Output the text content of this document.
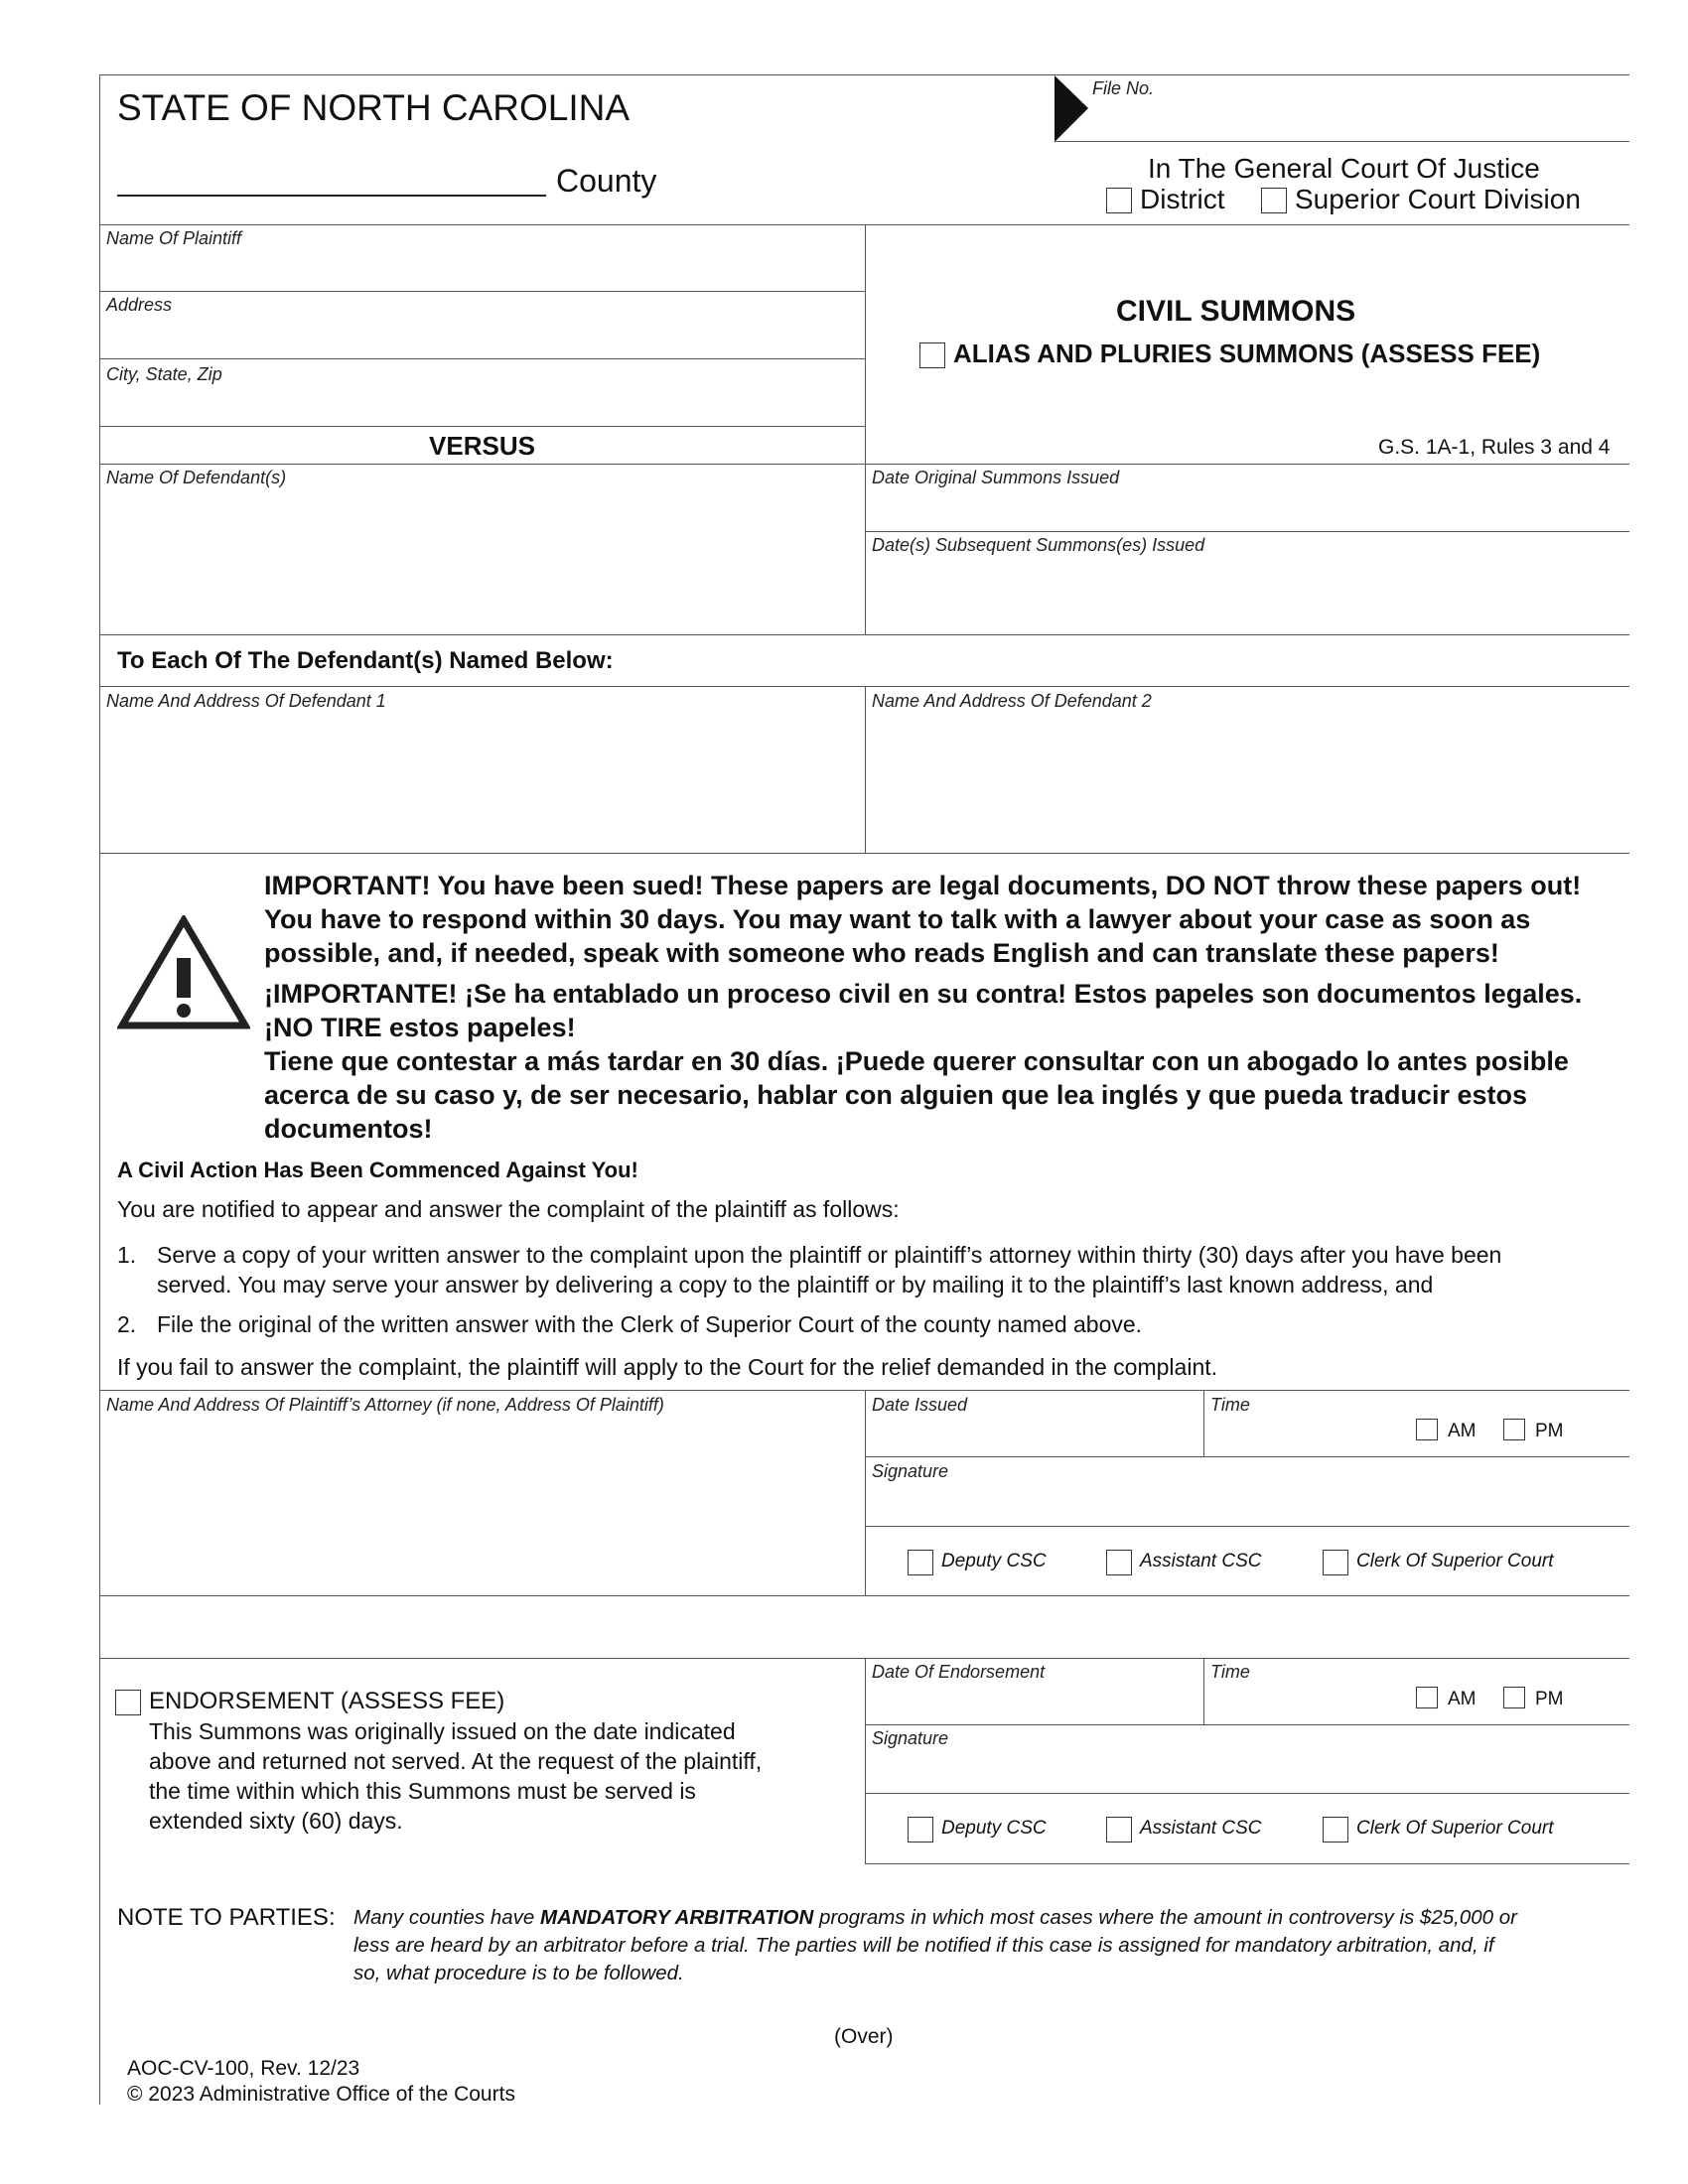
STATE OF NORTH CAROLINA
County
File No.
In The General Court Of Justice
District	Superior Court Division
Name Of Plaintiff
Address
City, State, Zip
VERSUS
CIVIL SUMMONS
ALIAS AND PLURIES SUMMONS (ASSESS FEE)
G.S. 1A-1, Rules 3 and 4
Name Of Defendant(s)	Date Original Summons Issued
Date(s) Subsequent Summons(es) Issued
To Each Of The Defendant(s) Named Below:
Name And Address Of Defendant 1	Name And Address Of Defendant 2
IMPORTANT! You have been sued! These papers are legal documents, DO NOT throw these papers out!
You have to respond within 30 days. You may want to talk with a lawyer about your case as soon as
possible, and, if needed, speak with someone who reads English and can translate these papers!
¡IMPORTANTE! ¡Se ha entablado un proceso civil en su contra! Estos papeles son documentos legales.
¡NO TIRE estos papeles!
Tiene que contestar a más tardar en 30 días. ¡Puede querer consultar con un abogado lo antes posible
acerca de su caso y, de ser necesario, hablar con alguien que lea inglés y que pueda traducir estos
documentos!
A Civil Action Has Been Commenced Against You!
You are notified to appear and answer the complaint of the plaintiff as follows:
1. Serve a copy of your written answer to the complaint upon the plaintiff or plaintiff’s attorney within thirty (30) days after you have been
served. You may serve your answer by delivering a copy to the plaintiff or by mailing it to the plaintiff’s last known address, and
2. File the original of the written answer with the Clerk of Superior Court of the county named above.
If you fail to answer the complaint, the plaintiff will apply to the Court for the relief demanded in the complaint.
Name And Address Of Plaintiff’s Attorney (if none, Address Of Plaintiff)	Date Issued	Time
AM	PM
Signature
Deputy CSC	Assistant CSC	Clerk Of Superior Court
ENDORSEMENT (ASSESS FEE)
This Summons was originally issued on the date indicated
above and returned not served. At the request of the plaintiff,
the time within which this Summons must be served is
extended sixty (60) days.
Date Of Endorsement	Time
AM	PM
Signature
Deputy CSC	Assistant CSC	Clerk Of Superior Court
NOTE TO PARTIES: Many counties have MANDATORY ARBITRATION programs in which most cases where the amount in controversy is $25,000 or
less are heard by an arbitrator before a trial. The parties will be notified if this case is assigned for mandatory arbitration, and, if
so, what procedure is to be followed.
(Over)
AOC-CV-100, Rev. 12/23
© 2023 Administrative Office of the Courts
